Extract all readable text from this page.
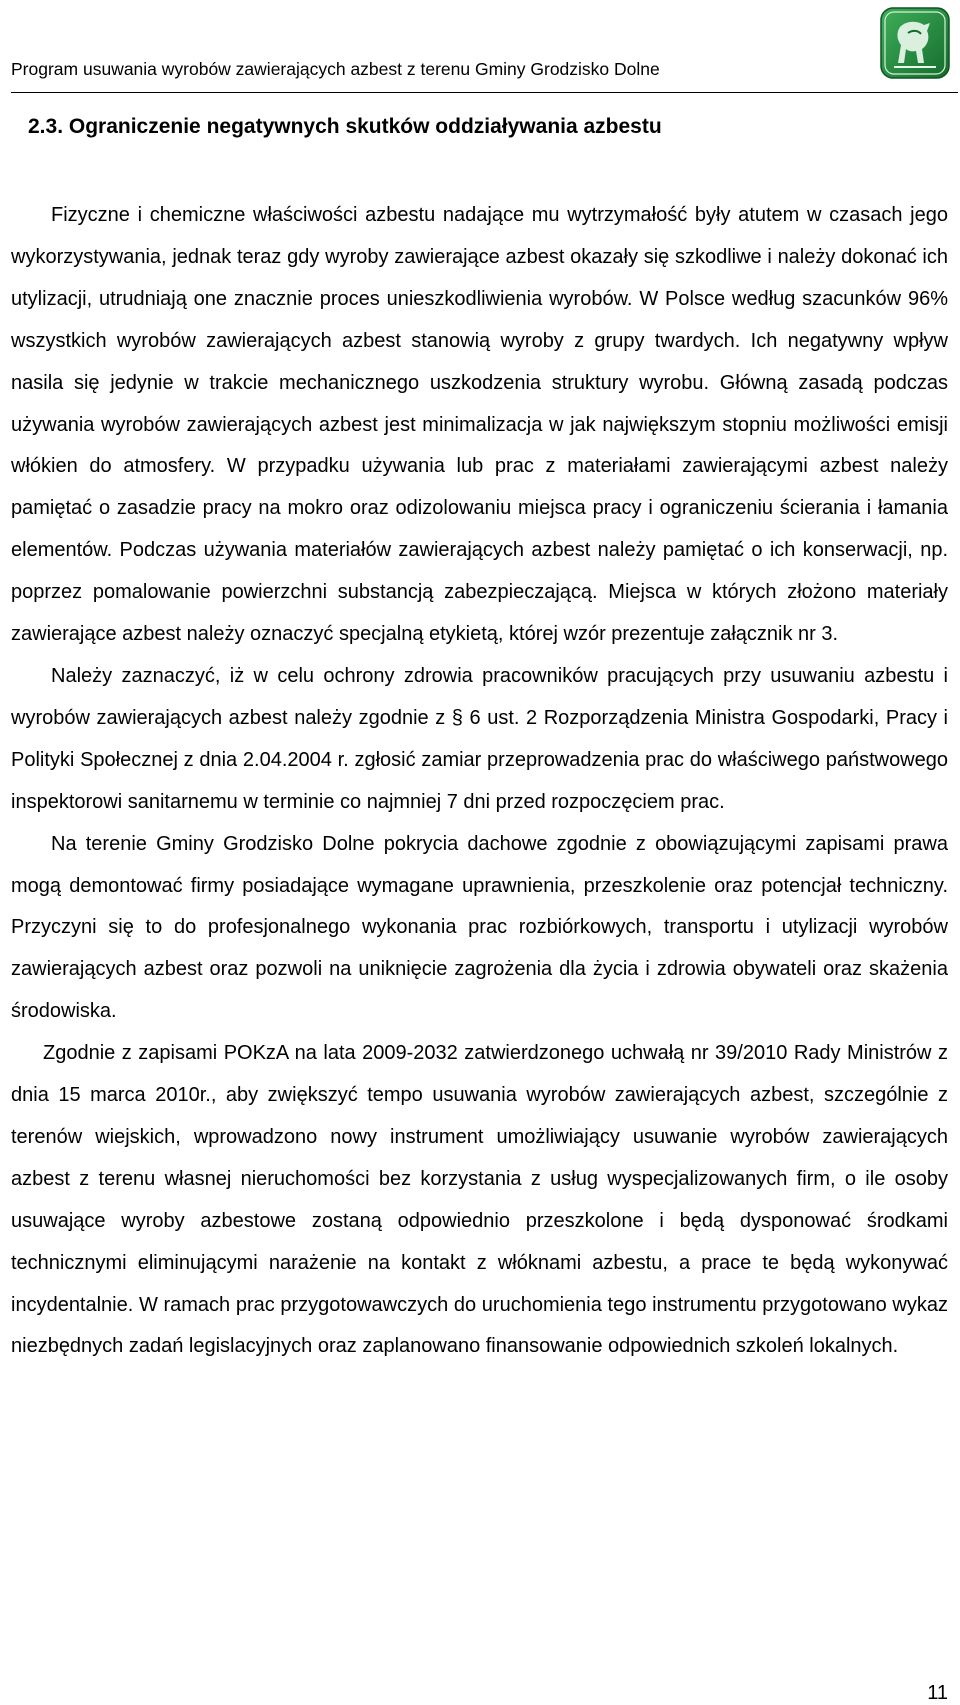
Program usuwania wyrobów zawierających azbest z terenu Gminy Grodzisko Dolne
2.3. Ograniczenie negatywnych skutków oddziaływania azbestu

Fizyczne i chemiczne właściwości azbestu nadające mu wytrzymałość były atutem w czasach jego wykorzystywania, jednak teraz gdy wyroby zawierające azbest okazały się szkodliwe i należy dokonać ich utylizacji, utrudniają one znacznie proces unieszkodliwienia wyrobów. W Polsce według szacunków 96% wszystkich wyrobów zawierających azbest stanowią wyroby z grupy twardych. Ich negatywny wpływ nasila się jedynie w trakcie mechanicznego uszkodzenia struktury wyrobu. Główną zasadą podczas używania wyrobów zawierających azbest jest minimalizacja w jak największym stopniu możliwości emisji włókien do atmosfery. W przypadku używania lub prac z materiałami zawierającymi azbest należy pamiętać o zasadzie pracy na mokro oraz odizolowaniu miejsca pracy i ograniczeniu ścierania i łamania elementów. Podczas używania materiałów zawierających azbest należy pamiętać o ich konserwacji, np. poprzez pomalowanie powierzchni substancją zabezpieczającą. Miejsca w których złożono materiały zawierające azbest należy oznaczyć specjalną etykietą, której wzór prezentuje załącznik nr 3.

Należy zaznaczyć, iż w celu ochrony zdrowia pracowników pracujących przy usuwaniu azbestu i wyrobów zawierających azbest należy zgodnie z § 6 ust. 2 Rozporządzenia Ministra Gospodarki, Pracy i Polityki Społecznej z dnia 2.04.2004 r. zgłosić zamiar przeprowadzenia prac do właściwego państwowego inspektorowi sanitarnemu w terminie co najmniej 7 dni przed rozpoczęciem prac.

Na terenie Gminy Grodzisko Dolne pokrycia dachowe zgodnie z obowiązującymi zapisami prawa mogą demontować firmy posiadające wymagane uprawnienia, przeszkolenie oraz potencjał techniczny. Przyczyni się to do profesjonalnego wykonania prac rozbiórkowych, transportu i utylizacji wyrobów zawierających azbest oraz pozwoli na uniknięcie zagrożenia dla życia i zdrowia obywateli oraz skażenia środowiska.

Zgodnie z zapisami POKzA na lata 2009-2032 zatwierdzonego uchwałą nr 39/2010 Rady Ministrów z dnia 15 marca 2010r., aby zwiększyć tempo usuwania wyrobów zawierających azbest, szczególnie z terenów wiejskich, wprowadzono nowy instrument umożliwiający usuwanie wyrobów zawierających azbest z terenu własnej nieruchomości bez korzystania z usług wyspecjalizowanych firm, o ile osoby usuwające wyroby azbestowe zostaną odpowiednio przeszkolone i będą dysponować środkami technicznymi eliminującymi narażenie na kontakt z włóknami azbestu, a prace te będą wykonywać incydentalnie. W ramach prac przygotowawczych do uruchomienia tego instrumentu przygotowano wykaz niezbędnych zadań legislacyjnych oraz zaplanowano finansowanie odpowiednich szkoleń lokalnych.

11
